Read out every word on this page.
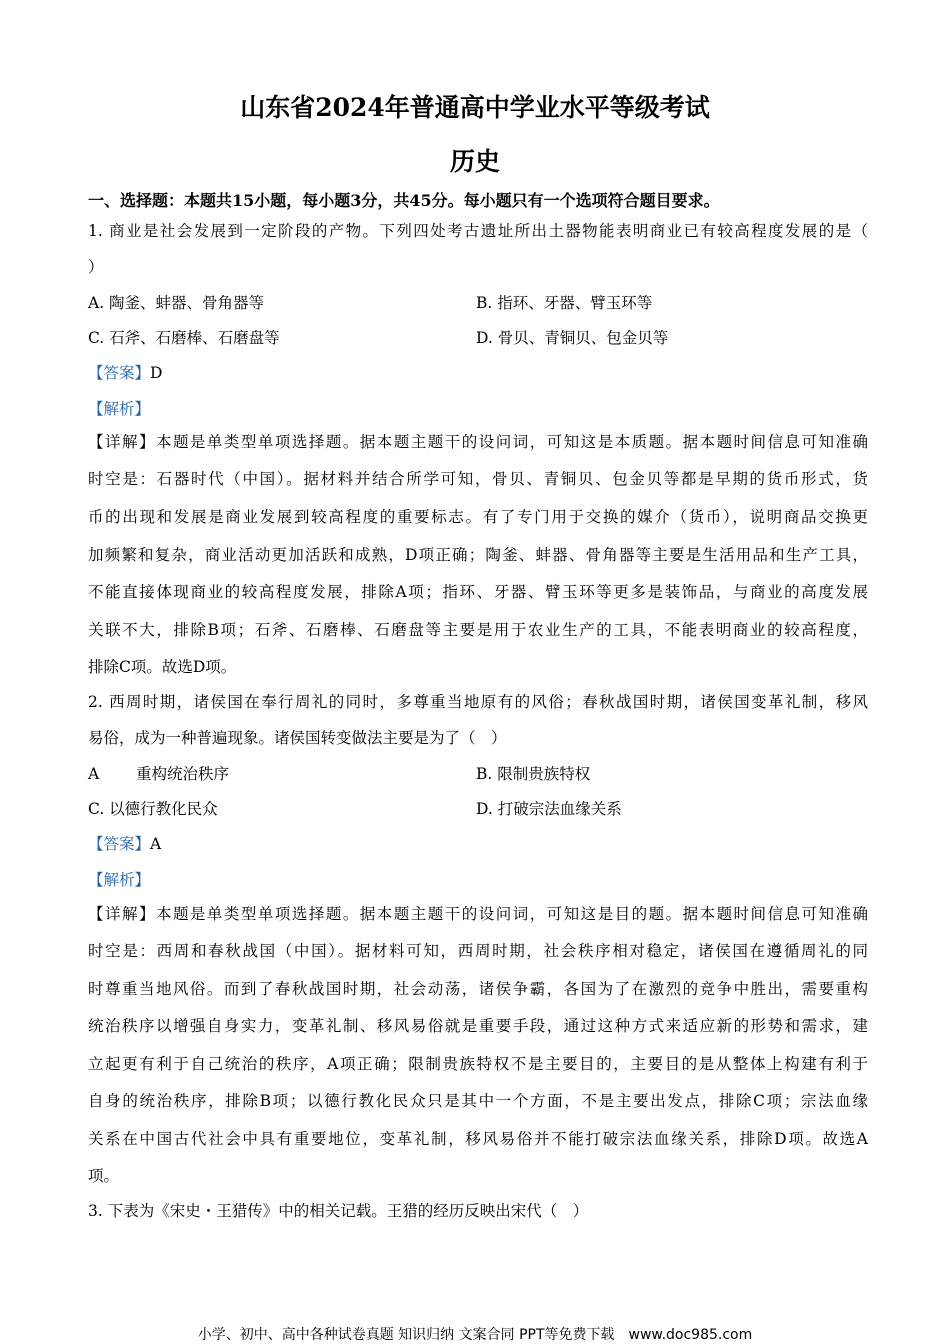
山东省2024年普通高中学业水平等级考试
历史
一、选择题：本题共15小题，每小题3分，共45分。每小题只有一个选项符合题目要求。
1. 商业是社会发展到一定阶段的产物。下列四处考古遗址所出土器物能表明商业已有较高程度发展的是（
）
A. 陶釜、蚌器、骨角器等	B. 指环、牙器、臂玉环等
C. 石斧、石磨棒、石磨盘等	D. 骨贝、青铜贝、包金贝等
【答案】D
【解析】
【详解】本题是单类型单项选择题。据本题主题干的设问词，可知这是本质题。据本题时间信息可知准确
时空是：石器时代（中国）。据材料并结合所学可知，骨贝、青铜贝、包金贝等都是早期的货币形式，货
币的出现和发展是商业发展到较高程度的重要标志。有了专门用于交换的媒介（货币），说明商品交换更
加频繁和复杂，商业活动更加活跃和成熟，D项正确；陶釜、蚌器、骨角器等主要是生活用品和生产工具，
不能直接体现商业的较高程度发展，排除A项；指环、牙器、臂玉环等更多是装饰品，与商业的高度发展
关联不大，排除B项；石斧、石磨棒、石磨盘等主要是用于农业生产的工具，不能表明商业的较高程度，
排除C项。故选D项。
2. 西周时期，诸侯国在奉行周礼的同时，多尊重当地原有的风俗；春秋战国时期，诸侯国变革礼制，移风
易俗，成为一种普遍现象。诸侯国转变做法主要是为了（　）
A 重构统治秩序	B. 限制贵族特权
C. 以德行教化民众	D. 打破宗法血缘关系
【答案】A
【解析】
【详解】本题是单类型单项选择题。据本题主题干的设问词，可知这是目的题。据本题时间信息可知准确
时空是：西周和春秋战国（中国）。据材料可知，西周时期，社会秩序相对稳定，诸侯国在遵循周礼的同
时尊重当地风俗。而到了春秋战国时期，社会动荡，诸侯争霸，各国为了在激烈的竞争中胜出，需要重构
统治秩序以增强自身实力，变革礼制、移风易俗就是重要手段，通过这种方式来适应新的形势和需求，建
立起更有利于自己统治的秩序，A项正确；限制贵族特权不是主要目的，主要目的是从整体上构建有利于
自身的统治秩序，排除B项；以德行教化民众只是其中一个方面，不是主要出发点，排除C项；宗法血缘
关系在中国古代社会中具有重要地位，变革礼制，移风易俗并不能打破宗法血缘关系，排除D项。故选A
项。
3. 下表为《宋史・王猎传》中的相关记载。王猎的经历反映出宋代（　）
小学、初中、高中各种试卷真题 知识归纳 文案合同 PPT等免费下载 www.doc985.com
